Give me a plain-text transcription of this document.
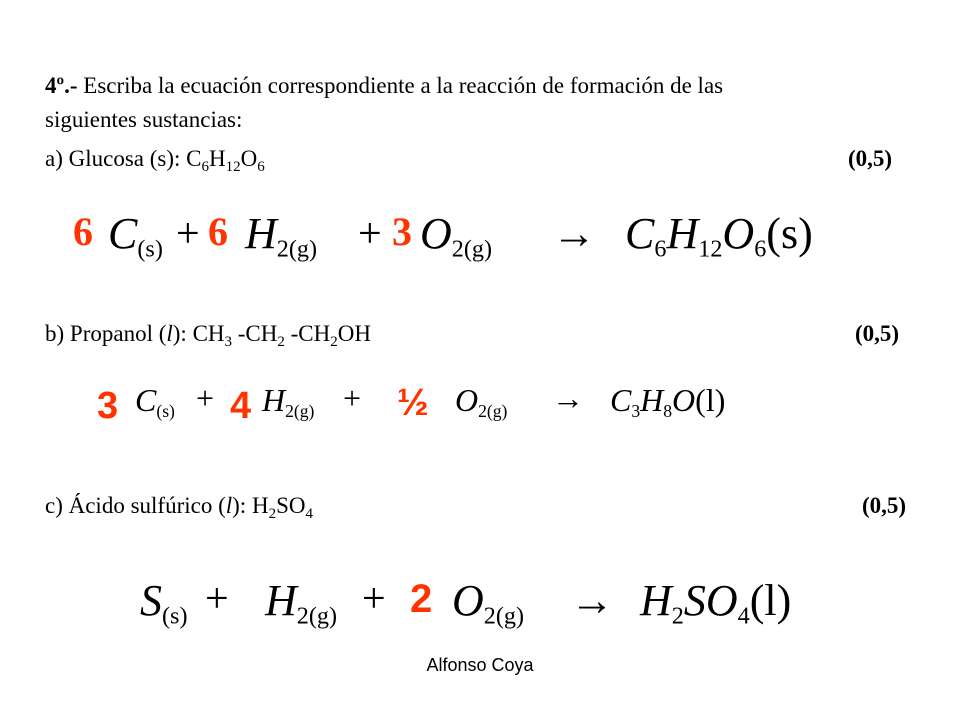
4º.- Escriba la ecuación correspondiente a la reacción de formación de las
siguientes sustancias:
a) Glucosa (s): $C_6H_{12}O_6$	(0,5)
6 $C_{(s)} + 6$ $H_{2(g)} + 3$ $O_{2(g)} \to C_6H_{12}O_6(s)$
b) Propanol (l): $CH_3$ $-CH_2$ $-CH_2OH$	(0,5)
3 $C_{(s)} + 4$ $H_{2(g)}$ + ½ $O_{2(g)} \to C_3H_8O(l)$
c) Ácido sulfúrico (l): $H_2SO_4$	(0,5)
$S_{(s)} + H_{2(g)} + 2$ $O_{2(g)} \to H_2SO_4(l)$
Alfonso Coya
